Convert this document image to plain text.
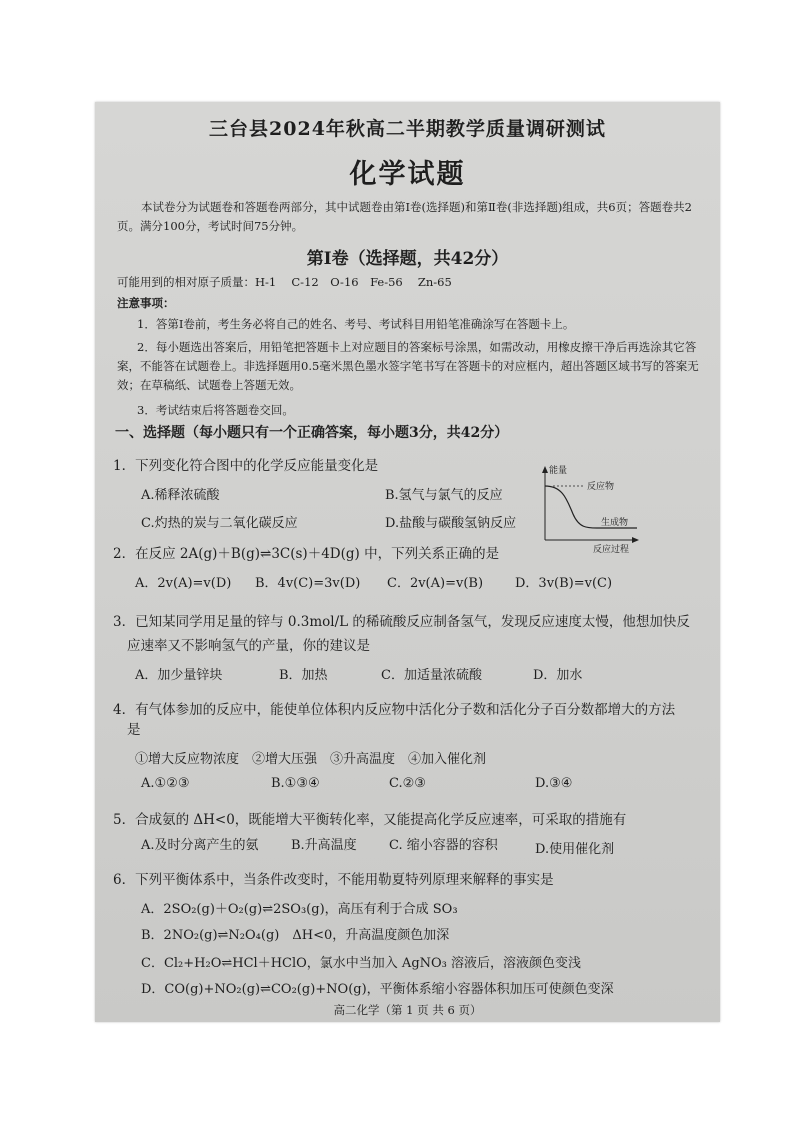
三台县2024年秋高二半期教学质量调研测试
化学试题
本试卷分为试题卷和答题卷两部分，其中试题卷由第Ⅰ卷(选择题)和第Ⅱ卷(非选择题)组成，共6页；答题卷共2页。满分100分，考试时间75分钟。
第Ⅰ卷（选择题，共42分）
可能用到的相对原子质量：H-1　 C-12　O-16　Fe-56　 Zn-65
注意事项：
1．答第Ⅰ卷前，考生务必将自己的姓名、考号、考试科目用铅笔准确涂写在答题卡上。
2．每小题选出答案后，用铅笔把答题卡上对应题目的答案标号涂黑，如需改动，用橡皮擦干净后再选涂其它答案，不能答在试题卷上。非选择题用0.5毫米黑色墨水签字笔书写在答题卡的对应框内，超出答题区域书写的答案无效；在草稿纸、试题卷上答题无效。
3．考试结束后将答题卷交回。
一、选择题（每小题只有一个正确答案，每小题3分，共42分）
1．下列变化符合图中的化学反应能量变化是
A.稀释浓硫酸	B.氢气与氯气的反应
C.灼热的炭与二氧化碳反应	D.盐酸与碳酸氢钠反应
能量
反应物
生成物
反应过程
2．在反应 2A(g)＋B(g)⇌3C(s)＋4D(g) 中，下列关系正确的是
A．2v(A)=v(D) B．4v(C)=3v(D) C．2v(A)=v(B) D．3v(B)=v(C)
3．已知某同学用足量的锌与 0.3mol/L 的稀硫酸反应制备氢气，发现反应速度太慢，他想加快反
应速率又不影响氢气的产量，你的建议是
A．加少量锌块	B．加热	C．加适量浓硫酸	D．加水
4．有气体参加的反应中，能使单位体积内反应物中活化分子数和活化分子百分数都增大的方法
是
①增大反应物浓度　②增大压强　③升高温度　④加入催化剂
A.①②③	B.①③④	C.②③	D.③④
5．合成氨的 ΔH<0，既能增大平衡转化率，又能提高化学反应速率，可采取的措施有
A.及时分离产生的氨 B.升高温度 C. 缩小容器的容积	D.使用催化剂
6．下列平衡体系中，当条件改变时，不能用勒夏特列原理来解释的事实是
A．2SO₂(g)＋O₂(g)⇌2SO₃(g)，高压有利于合成 SO₃
B．2NO₂(g)⇌N₂O₄(g)　ΔH<0，升高温度颜色加深
C．Cl₂+H₂O⇌HCl＋HClO，氯水中当加入 AgNO₃ 溶液后，溶液颜色变浅
D．CO(g)+NO₂(g)⇌CO₂(g)+NO(g)，平衡体系缩小容器体积加压可使颜色变深
高二化学（第 1 页 共 6 页）
